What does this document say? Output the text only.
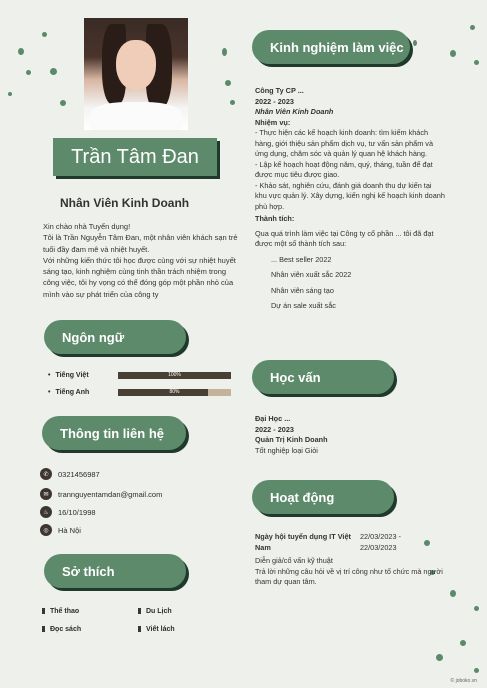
Trần Tâm Đan
Nhân Viên Kinh Doanh

Xin chào nhà Tuyển dụng!

Tôi là Trần Nguyễn Tâm Đan, một nhân viên khách sạn trẻ tuổi đầy đam mê và nhiệt huyết.

Với những kiến thức tôi học được cùng với sự nhiệt huyết sáng tạo, kinh nghiệm cùng tinh thần trách nhiệm trong công việc, tôi hy vọng có thể đóng góp một phần nhỏ của mình vào sự phát triển của công ty

Ngôn ngữ
• Tiếng Việt	100%
• Tiếng Anh	80%
Thông tin liên hệ
✆	0321456987
✉	trannguyentamdan@gmail.com
♨	16/10/1998
◎	Hà Nội
Sở thích
Thể thao	Du Lịch
Đọc sách	Viết lách
Kinh nghiệm làm việc

Công Ty CP ...

2022 - 2023

Nhân Viên Kinh Doanh

Nhiệm vụ:

- Thực hiện các kế hoạch kinh doanh: tìm kiếm khách hàng, giới thiệu sản phẩm dịch vụ, tư vấn sản phẩm và ứng dụng, chăm sóc và quản lý quan hệ khách hàng.

- Lập kế hoạch hoạt động năm, quý, tháng, tuần để đạt được mục tiêu được giao.

- Khảo sát, nghiên cứu, đánh giá doanh thu dự kiến tại khu vực quản lý. Xây dựng, kiến nghị kế hoạch kinh doanh phù hợp.

Thành tích:

Qua quá trình làm việc tại Công ty cổ phần ... tôi đã đạt được một số thành tích sau:

... Best seller 2022

Nhân viên xuất sắc 2022

Nhân viên sáng tạo

Dự án sale xuất sắc

Học vấn

Đại Học ...

2022 - 2023

Quản Trị Kinh Doanh

Tốt nghiệp loại Giỏi

Hoạt động
Ngày hội tuyển dụng IT Việt Nam
22/03/2023 - 22/03/2023

Diễn giả/cố vấn kỹ thuật

Trả lời những câu hỏi về vị trí công như tố chức mà người tham dự quan tâm.

© joboko.vn
